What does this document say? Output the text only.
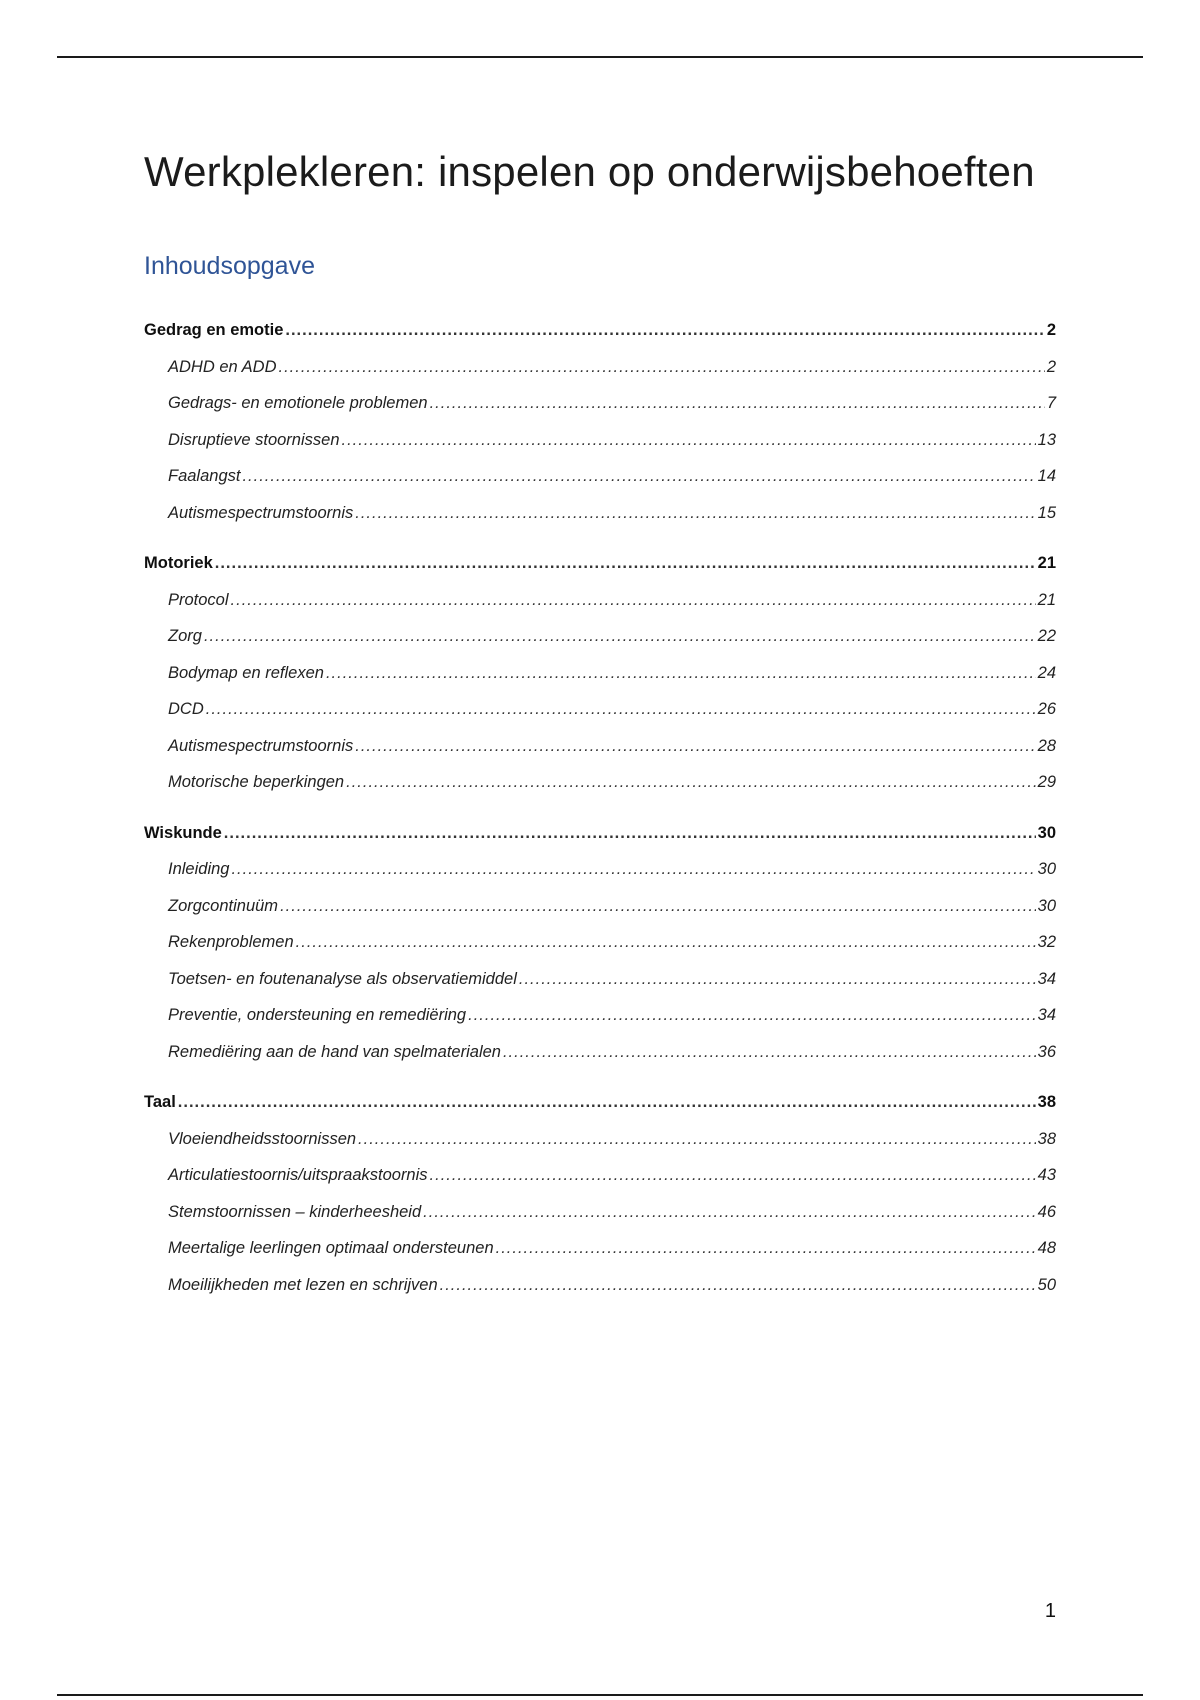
Werkplekleren: inspelen op onderwijsbehoeften
Inhoudsopgave
Gedrag en emotie .....	2
ADHD en ADD .....	2
Gedrags- en emotionele problemen .....	7
Disruptieve stoornissen .....	13
Faalangst .....	14
Autismespectrumstoornis .....	15
Motoriek .....	21
Protocol .....	21
Zorg .....	22
Bodymap en reflexen .....	24
DCD .....	26
Autismespectrumstoornis .....	28
Motorische beperkingen .....	29
Wiskunde .....	30
Inleiding .....	30
Zorgcontinuüm .....	30
Rekenproblemen .....	32
Toetsen- en foutenanalyse als observatiemiddel .....	34
Preventie, ondersteuning en remediëring .....	34
Remediëring aan de hand van spelmaterialen .....	36
Taal .....	38
Vloeiendheidsstoornissen .....	38
Articulatiestoornis/uitspraakstoornis .....	43
Stemstoornissen – kinderheesheid .....	46
Meertalige leerlingen optimaal ondersteunen .....	48
Moeilijkheden met lezen en schrijven .....	50
1
